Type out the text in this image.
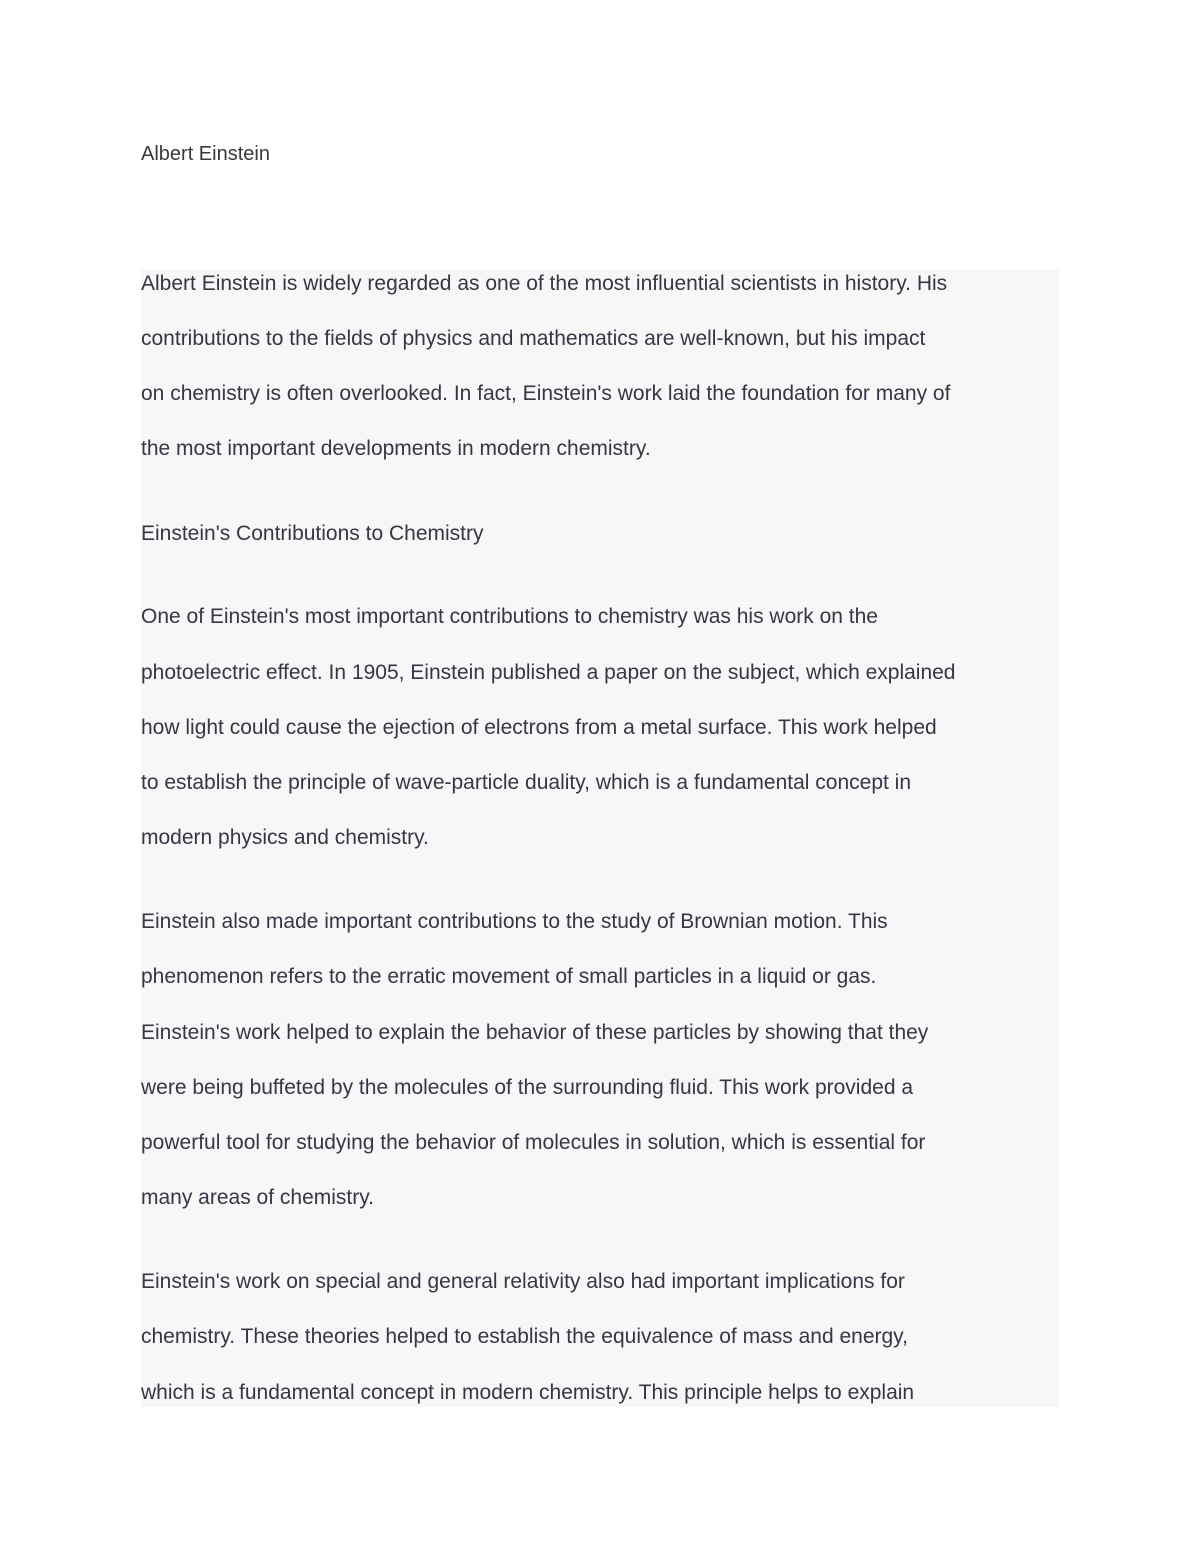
Albert Einstein

Albert Einstein is widely regarded as one of the most influential scientists in history. His

contributions to the fields of physics and mathematics are well-known, but his impact

on chemistry is often overlooked. In fact, Einstein's work laid the foundation for many of

the most important developments in modern chemistry.

Einstein's Contributions to Chemistry

One of Einstein's most important contributions to chemistry was his work on the

photoelectric effect. In 1905, Einstein published a paper on the subject, which explained

how light could cause the ejection of electrons from a metal surface. This work helped

to establish the principle of wave-particle duality, which is a fundamental concept in

modern physics and chemistry.

Einstein also made important contributions to the study of Brownian motion. This

phenomenon refers to the erratic movement of small particles in a liquid or gas.

Einstein's work helped to explain the behavior of these particles by showing that they

were being buffeted by the molecules of the surrounding fluid. This work provided a

powerful tool for studying the behavior of molecules in solution, which is essential for

many areas of chemistry.

Einstein's work on special and general relativity also had important implications for

chemistry. These theories helped to establish the equivalence of mass and energy,

which is a fundamental concept in modern chemistry. This principle helps to explain
